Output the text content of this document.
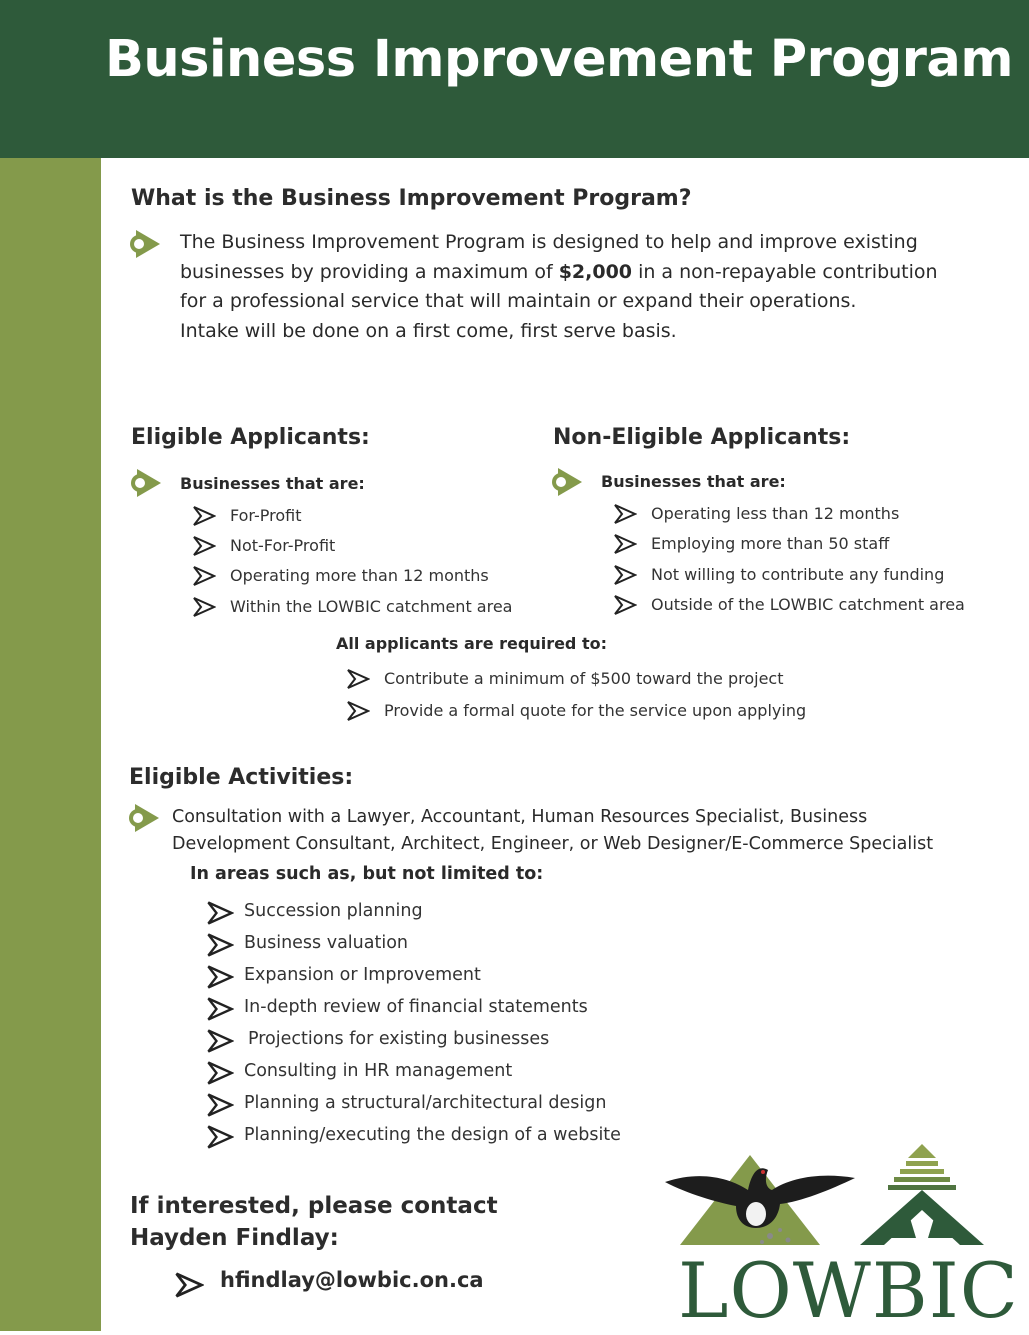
Business Improvement Program
What is the Business Improvement Program?
The Business Improvement Program is designed to help and improve existing
businesses by providing a maximum of $2,000 in a non-repayable contribution
for a professional service that will maintain or expand their operations.
Intake will be done on a first come, first serve basis.
Eligible Applicants:
Businesses that are:
For-Profit
Not-For-Profit
Operating more than 12 months
Within the LOWBIC catchment area
Non-Eligible Applicants:
Businesses that are:
Operating less than 12 months
Employing more than 50 staff
Not willing to contribute any funding
Outside of the LOWBIC catchment area
All applicants are required to:
Contribute a minimum of $500 toward the project
Provide a formal quote for the service upon applying
Eligible Activities:
Consultation with a Lawyer, Accountant, Human Resources Specialist, Business
Development Consultant, Architect, Engineer, or Web Designer/E-Commerce Specialist
In areas such as, but not limited to:
Succession planning
Business valuation
Expansion or Improvement
In-depth review of financial statements
Projections for existing businesses
Consulting in HR management
Planning a structural/architectural design
Planning/executing the design of a website
If interested, please contact
Hayden Findlay:
hfindlay@lowbic.on.ca	LOWBIC
